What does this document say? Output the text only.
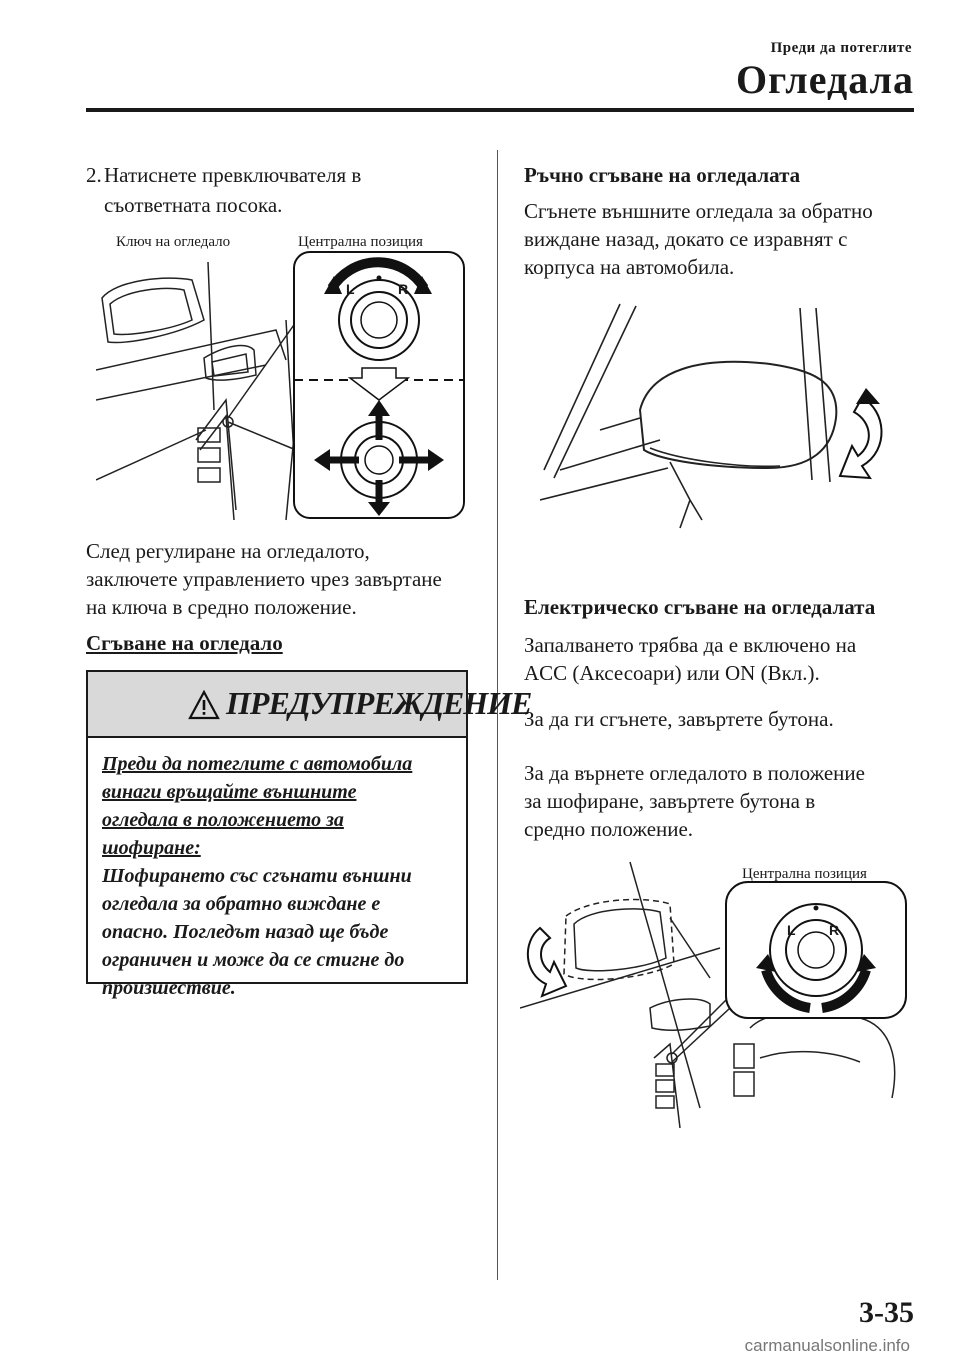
Преди да потеглите
Огледала
2. Натиснете превключвателя в съответната посока.
Ключ на огледало	Централна позиция
L	R
След регулиране на огледалото,
заключете управлението чрез завъртане
на ключа в средно положение.
Сгъване на огледало
ПРЕДУПРЕЖДЕНИЕ
Преди да потеглите с автомобила
винаги връщайте външните
огледала в положението за
шофиране:
Шофирането със сгънати външни
огледала за обратно виждане е
опасно. Погледът назад ще бъде
ограничен и може да се стигне до
произшествие.
Ръчно сгъване на огледалата
Сгънете външните огледала за обратно
виждане назад, докато се изравнят с
корпуса на автомобила.
Електрическо сгъване на огледалата
Запалването трябва да е включено на
ACC (Аксесоари) или ON (Вкл.).
За да ги сгънете, завъртете бутона.
За да върнете огледалото в положение
за шофиране, завъртете бутона в
средно положение.
L R
Централна позиция
3-35
carmanualsonline.info
